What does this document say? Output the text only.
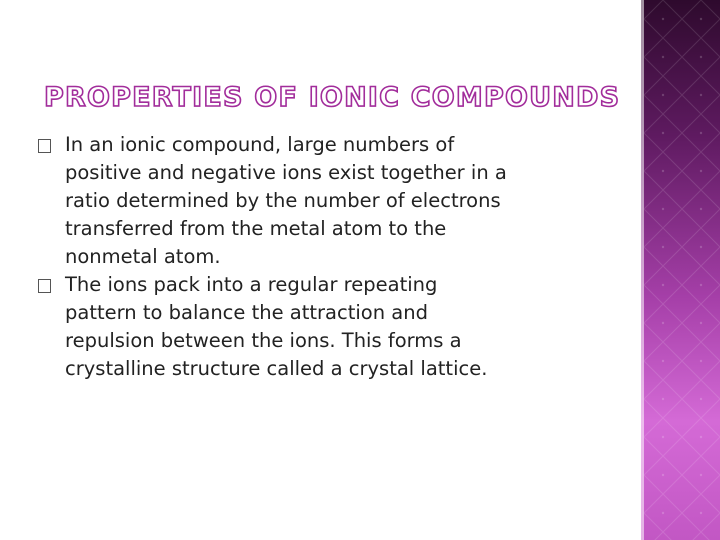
PROPERTIES OF IONIC COMPOUNDS
In an ionic compound, large numbers of
positive and negative ions exist together in a
ratio determined by the number of electrons
transferred from the metal atom to the
nonmetal atom.
The ions pack into a regular repeating
pattern to balance the attraction and
repulsion between the ions. This forms a
crystalline structure called a crystal lattice.
